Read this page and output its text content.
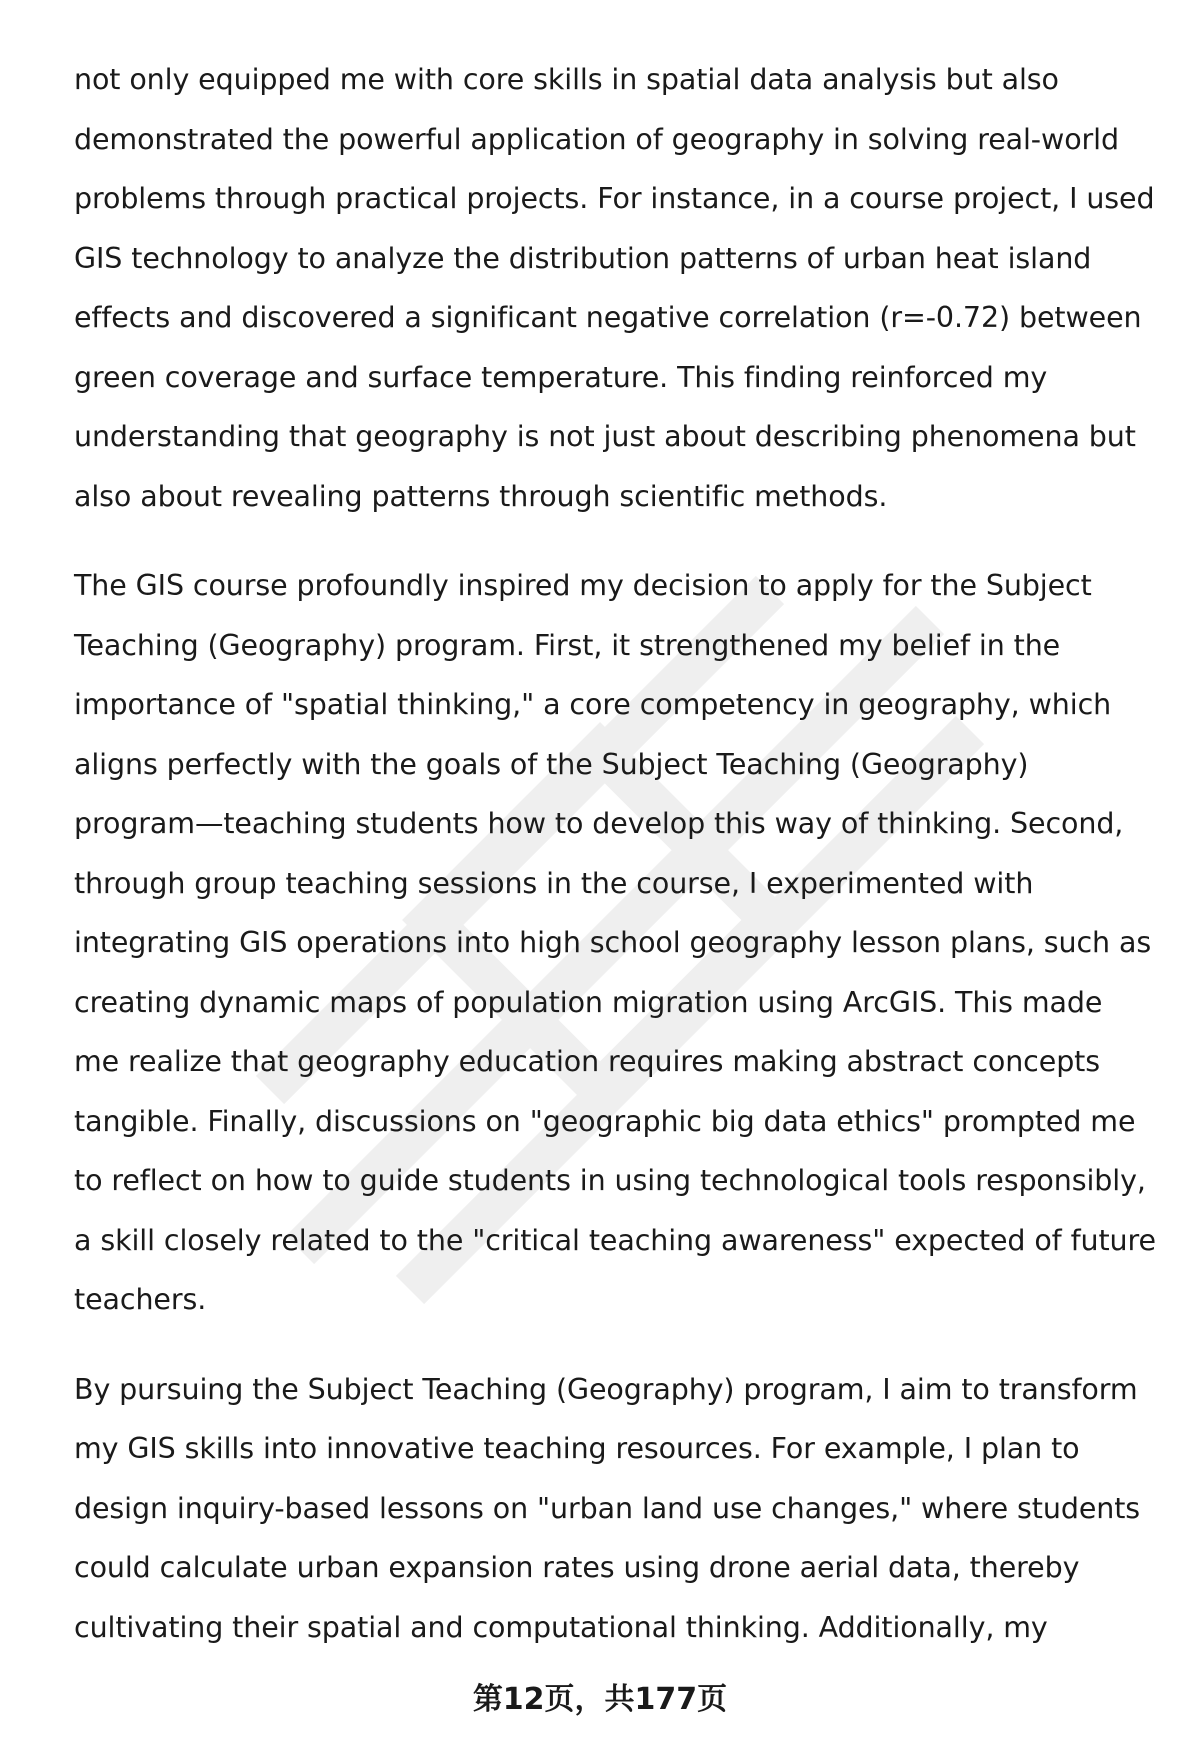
not only equipped me with core skills in spatial data analysis but also
demonstrated the powerful application of geography in solving real-world
problems through practical projects. For instance, in a course project, I used
GIS technology to analyze the distribution patterns of urban heat island
effects and discovered a significant negative correlation (r=-0.72) between
green coverage and surface temperature. This finding reinforced my
understanding that geography is not just about describing phenomena but
also about revealing patterns through scientific methods.

The GIS course profoundly inspired my decision to apply for the Subject
Teaching (Geography) program. First, it strengthened my belief in the
importance of "spatial thinking," a core competency in geography, which
aligns perfectly with the goals of the Subject Teaching (Geography)
program—teaching students how to develop this way of thinking. Second,
through group teaching sessions in the course, I experimented with
integrating GIS operations into high school geography lesson plans, such as
creating dynamic maps of population migration using ArcGIS. This made
me realize that geography education requires making abstract concepts
tangible. Finally, discussions on "geographic big data ethics" prompted me
to reflect on how to guide students in using technological tools responsibly,
a skill closely related to the "critical teaching awareness" expected of future
teachers.

By pursuing the Subject Teaching (Geography) program, I aim to transform
my GIS skills into innovative teaching resources. For example, I plan to
design inquiry-based lessons on "urban land use changes," where students
could calculate urban expansion rates using drone aerial data, thereby
cultivating their spatial and computational thinking. Additionally, my

第12页，共177页
